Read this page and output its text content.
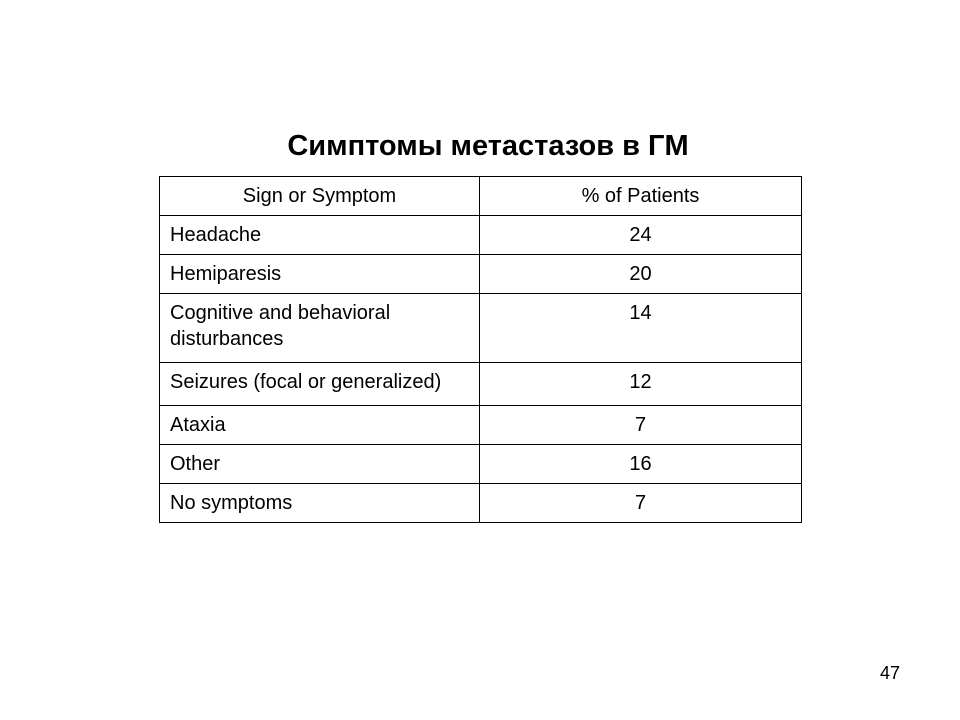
Симптомы метастазов в ГМ
Sign or Symptom	% of Patients
Headache	24
Hemiparesis	20
Cognitive and behavioral disturbances	14
Seizures (focal or generalized)	12
Ataxia	7
Other	16
No symptoms	7
47
